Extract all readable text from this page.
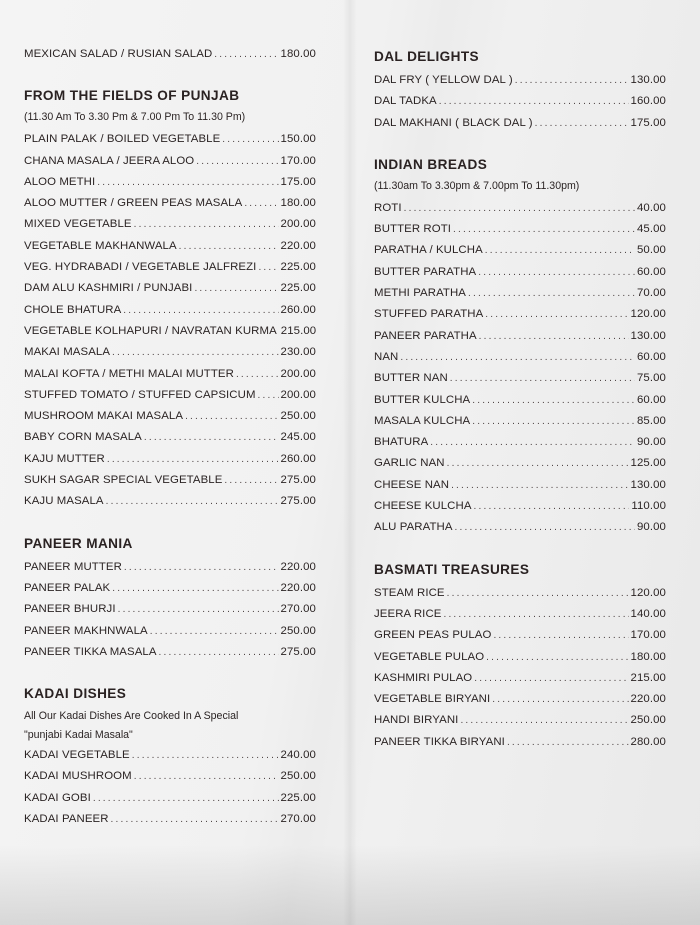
MEXICAN SALAD / RUSIAN SALAD .....	180.00
FROM THE FIELDS OF PUNJAB
(11.30 Am To 3.30 Pm & 7.00 Pm To 11.30 Pm)
PLAIN PALAK / BOILED VEGETABLE .....	150.00
CHANA MASALA / JEERA ALOO .....	170.00
ALOO METHI .....	175.00
ALOO MUTTER / GREEN PEAS MASALA .....	180.00
MIXED VEGETABLE .....	200.00
VEGETABLE MAKHANWALA .....	220.00
VEG. HYDRABADI / VEGETABLE JALFREZI ..... 225.00
DAM ALU KASHMIRI / PUNJABI .....	225.00
CHOLE BHATURA .....	260.00
VEGETABLE KOLHAPURI / NAVRATAN KURMA 215.00
MAKAI MASALA .....	230.00
MALAI KOFTA / METHI MALAI MUTTER .....	200.00
STUFFED TOMATO / STUFFED CAPSICUM ..... 200.00
MUSHROOM MAKAI MASALA .....	250.00
BABY CORN MASALA .....	245.00
KAJU MUTTER .....	260.00
SUKH SAGAR SPECIAL VEGETABLE .....	275.00
KAJU MASALA .....	275.00
PANEER MANIA
PANEER MUTTER .....	220.00
PANEER PALAK .....	220.00
PANEER BHURJI .....	270.00
PANEER MAKHNWALA .....	250.00
PANEER TIKKA MASALA .....	275.00
KADAI DISHES
All Our Kadai Dishes Are Cooked In A Special
"punjabi Kadai Masala"
KADAI VEGETABLE .....	240.00
KADAI MUSHROOM .....	250.00
KADAI GOBI .....	225.00
KADAI PANEER .....	270.00
DAL DELIGHTS
DAL FRY ( YELLOW DAL ) .....	130.00
DAL TADKA .....	160.00
DAL MAKHANI ( BLACK DAL ) .....	175.00
INDIAN BREADS
(11.30am To 3.30pm & 7.00pm To 11.30pm)
ROTI .....	40.00
BUTTER ROTI .....	45.00
PARATHA / KULCHA .....	50.00
BUTTER PARATHA .....	60.00
METHI PARATHA .....	70.00
STUFFED PARATHA .....	120.00
PANEER PARATHA .....	130.00
NAN .....	60.00
BUTTER NAN .....	75.00
BUTTER KULCHA .....	60.00
MASALA KULCHA .....	85.00
BHATURA .....	90.00
GARLIC NAN .....	125.00
CHEESE NAN .....	130.00
CHEESE KULCHA .....	110.00
ALU PARATHA .....	90.00
BASMATI TREASURES
STEAM RICE .....	120.00
JEERA RICE .....	140.00
GREEN PEAS PULAO .....	170.00
VEGETABLE PULAO .....	180.00
KASHMIRI PULAO .....	215.00
VEGETABLE BIRYANI .....	220.00
HANDI BIRYANI .....	250.00
PANEER TIKKA BIRYANI .....	280.00
